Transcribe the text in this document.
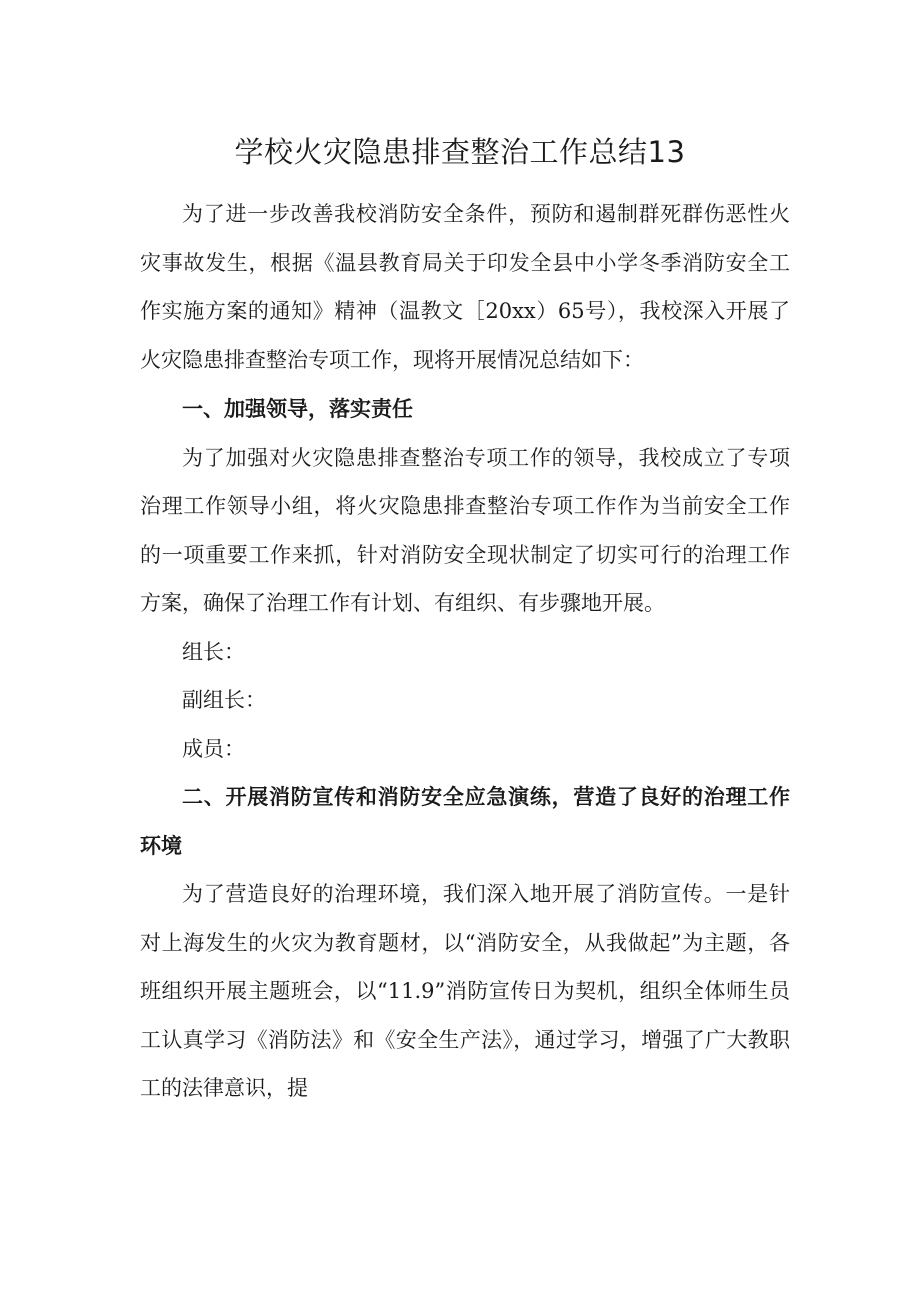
学校火灾隐患排查整治工作总结13

为了进一步改善我校消防安全条件，预防和遏制群死群伤恶性火灾事故发生，根据《温县教育局关于印发全县中小学冬季消防安全工作实施方案的通知》精神（温教文［20xx）65号），我校深入开展了火灾隐患排查整治专项工作，现将开展情况总结如下：

一、加强领导，落实责任

为了加强对火灾隐患排查整治专项工作的领导，我校成立了专项治理工作领导小组，将火灾隐患排查整治专项工作作为当前安全工作的一项重要工作来抓，针对消防安全现状制定了切实可行的治理工作方案，确保了治理工作有计划、有组织、有步骤地开展。

组长：

副组长：

成员：

二、开展消防宣传和消防安全应急演练，营造了良好的治理工作环境

为了营造良好的治理环境，我们深入地开展了消防宣传。一是针对上海发生的火灾为教育题材，以“消防安全，从我做起”为主题，各班组织开展主题班会，以“11.9”消防宣传日为契机，组织全体师生员工认真学习《消防法》和《安全生产法》，通过学习，增强了广大教职工的法律意识，提
